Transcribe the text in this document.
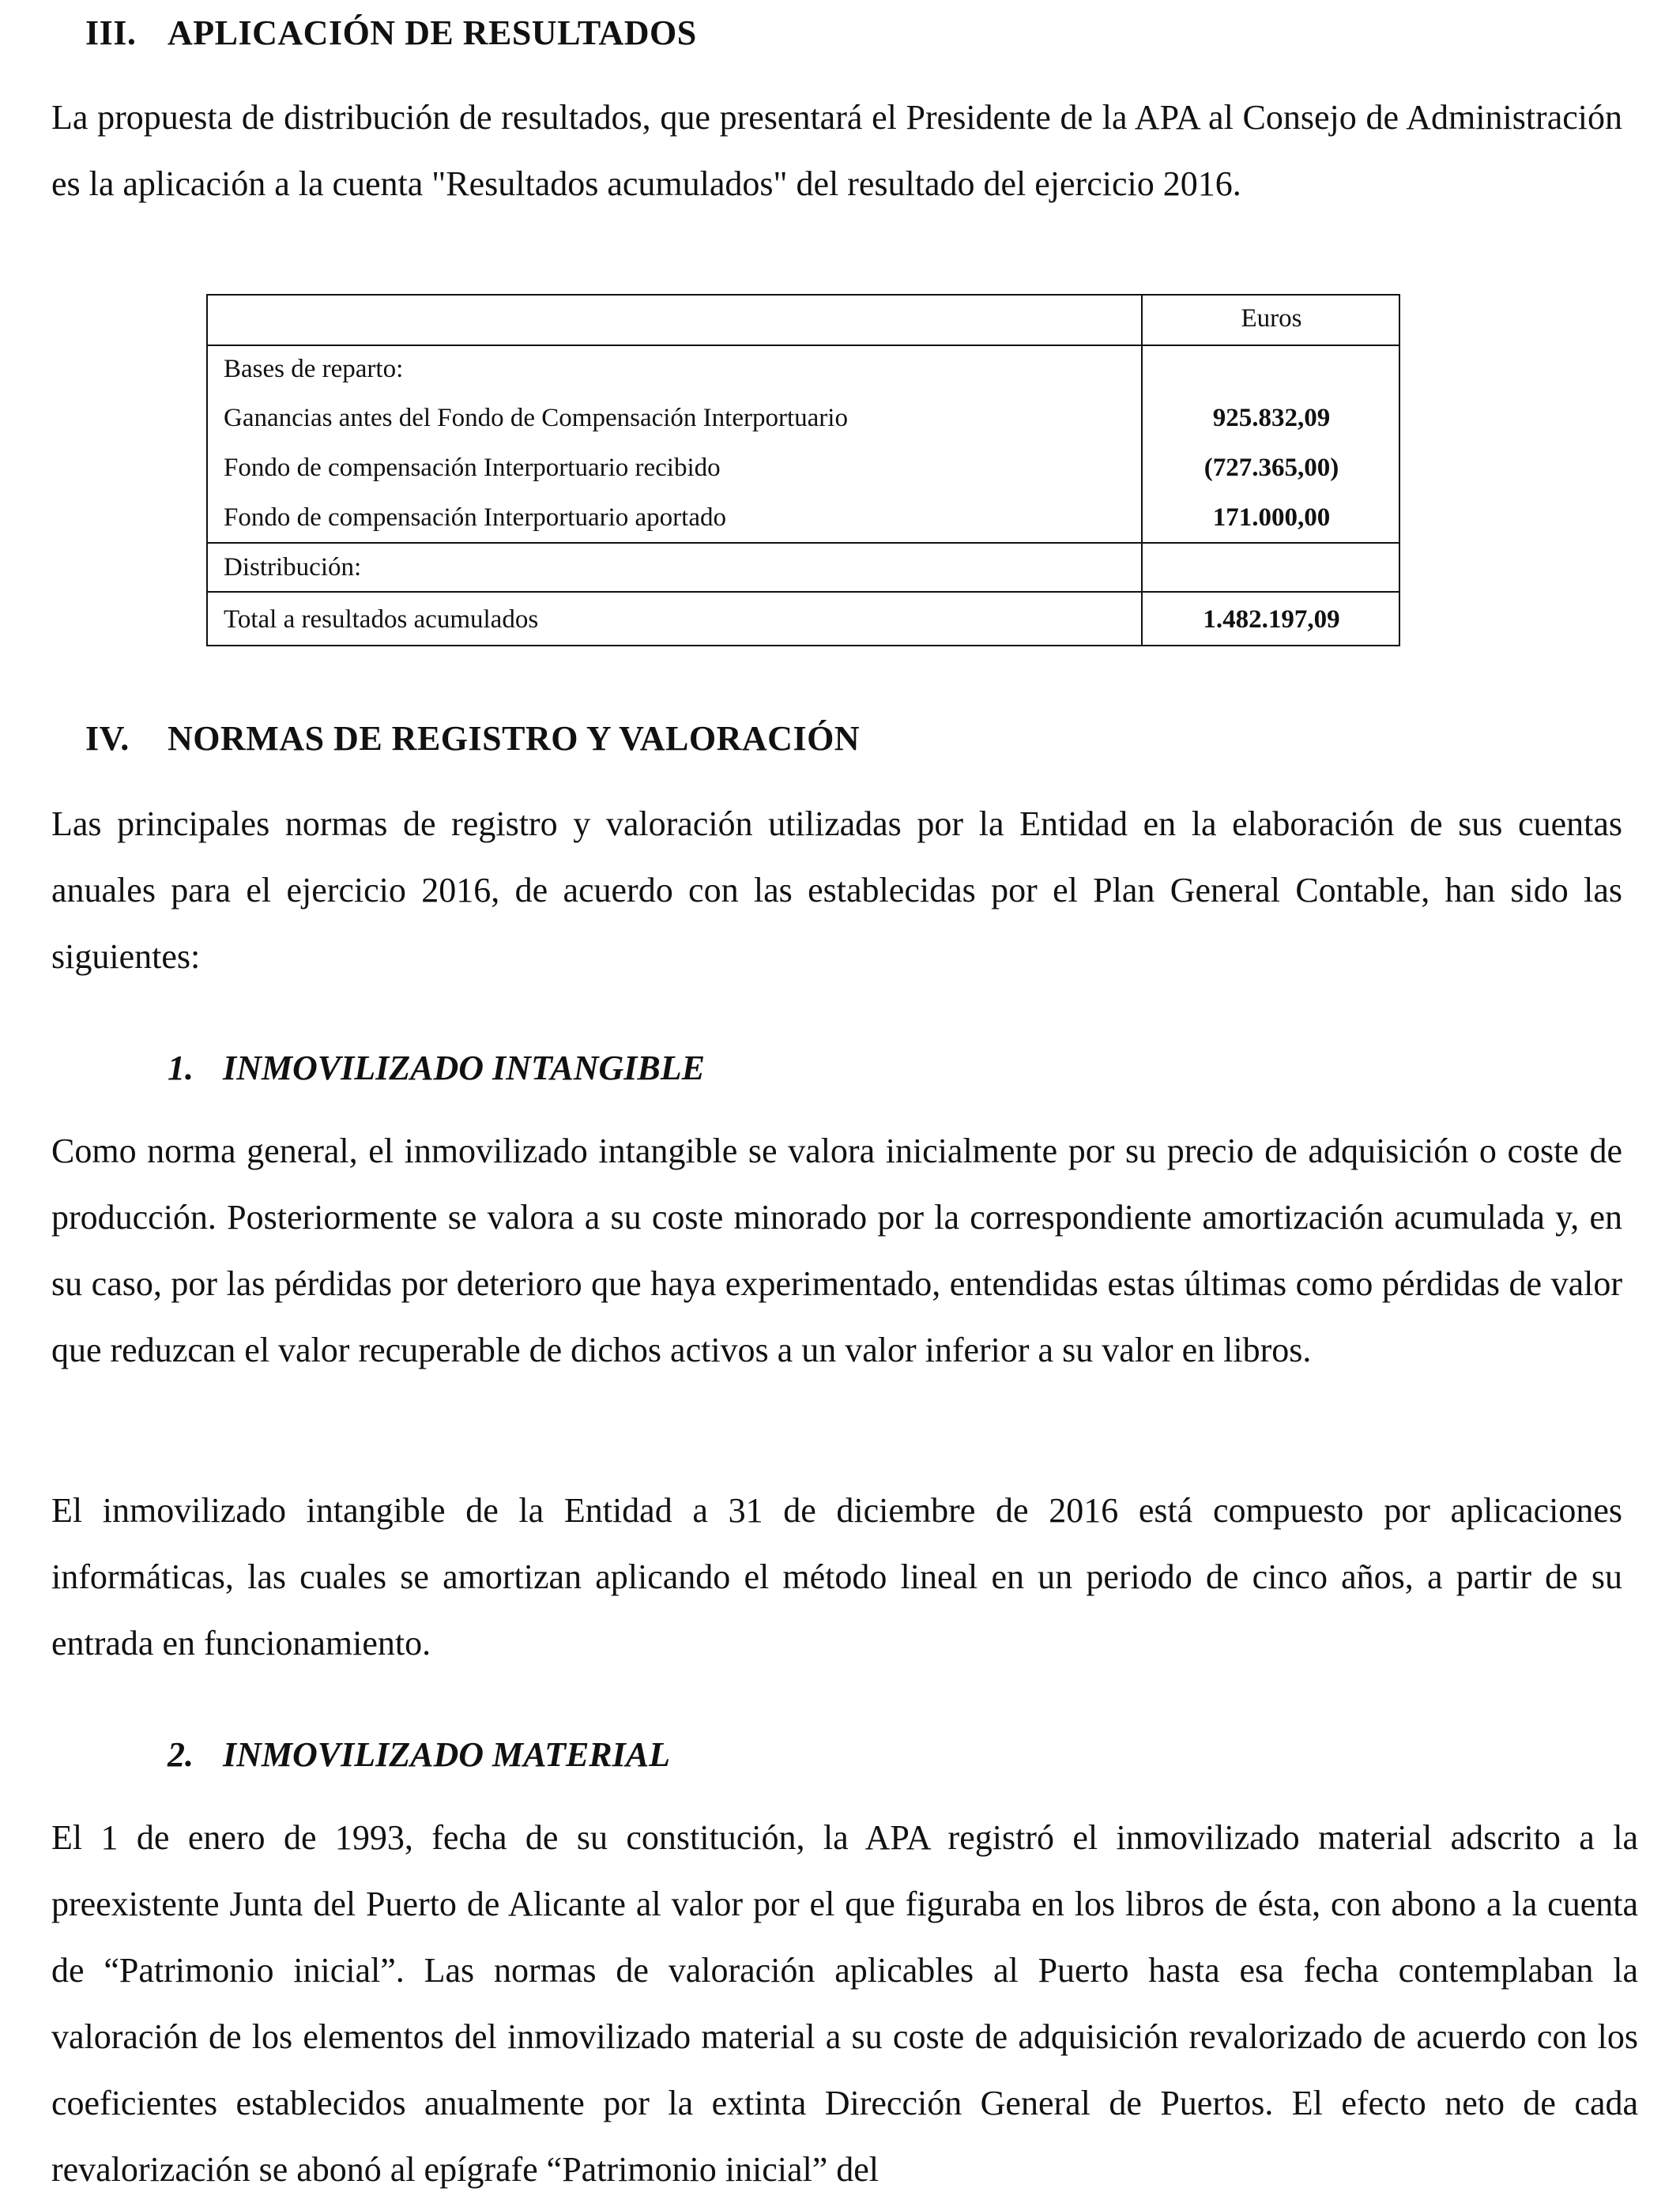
III. APLICACIÓN DE RESULTADOS

La propuesta de distribución de resultados, que presentará el Presidente de la APA al Consejo de Administración es la aplicación a la cuenta "Resultados acumulados" del resultado del ejercicio 2016.

	Euros
Bases de reparto:	
Ganancias antes del Fondo de Compensación Interportuario	925.832,09
Fondo de compensación Interportuario recibido	(727.365,00)
Fondo de compensación Interportuario aportado	171.000,00
Distribución:	
Total a resultados acumulados	1.482.197,09
IV. NORMAS DE REGISTRO Y VALORACIÓN

Las principales normas de registro y valoración utilizadas por la Entidad en la elaboración de sus cuentas anuales para el ejercicio 2016, de acuerdo con las establecidas por el Plan General Contable, han sido las siguientes:

1. INMOVILIZADO INTANGIBLE

Como norma general, el inmovilizado intangible se valora inicialmente por su precio de adquisición o coste de producción. Posteriormente se valora a su coste minorado por la correspondiente amortización acumulada y, en su caso, por las pérdidas por deterioro que haya experimentado, entendidas estas últimas como pérdidas de valor que reduzcan el valor recuperable de dichos activos a un valor inferior a su valor en libros.

El inmovilizado intangible de la Entidad a 31 de diciembre de 2016 está compuesto por aplicaciones informáticas, las cuales se amortizan aplicando el método lineal en un periodo de cinco años, a partir de su entrada en funcionamiento.

2. INMOVILIZADO MATERIAL

El 1 de enero de 1993, fecha de su constitución, la APA registró el inmovilizado material adscrito a la preexistente Junta del Puerto de Alicante al valor por el que figuraba en los libros de ésta, con abono a la cuenta de “Patrimonio inicial”. Las normas de valoración aplicables al Puerto hasta esa fecha contemplaban la valoración de los elementos del inmovilizado material a su coste de adquisición revalorizado de acuerdo con los coeficientes establecidos anualmente por la extinta Dirección General de Puertos. El efecto neto de cada revalorización se abonó al epígrafe “Patrimonio inicial” del
